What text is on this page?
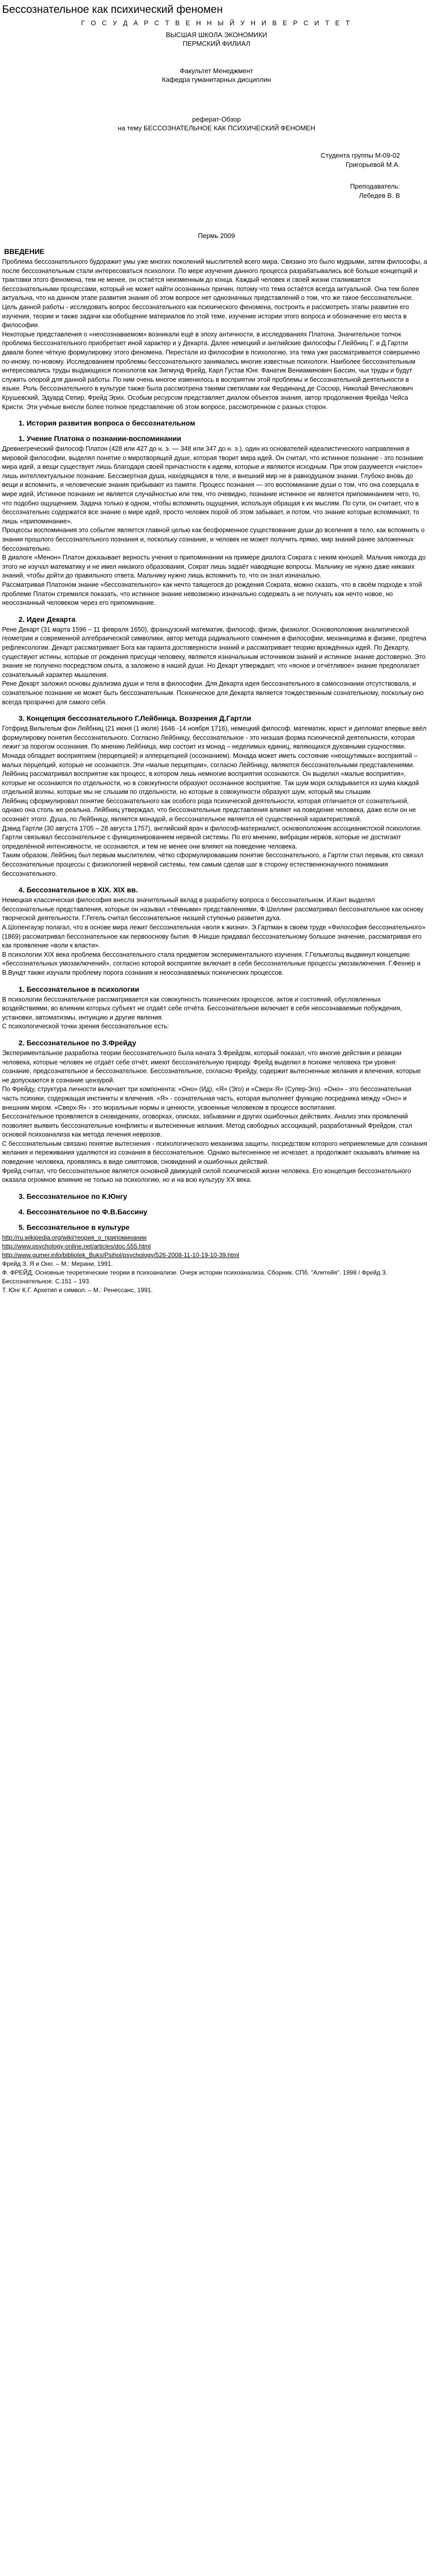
Бессознательное как психический феномен
Г О С У Д А Р С Т В Е Н Н Ы Й У Н И В Е Р С И Т Е Т
ВЫСШАЯ ШКОЛА ЭКОНОМИКИ
ПЕРМСКИЙ ФИЛИАЛ
Факультет Менеджмент
Кафедра гуманитарных дисциплин
реферат-Обзор
на тему БЕССОЗНАТЕЛЬНОЕ КАК ПСИХИЧЕСКИЙ ФЕНОМЕН
Студента группы М-09-02
Григорьевой М.А.
Преподаватель:
Лебедев В. В
Пермь 2009
ВВЕДЕНИЕ

Проблема бессознательного будоражит умы уже многих поколений мыслителей всего мира. Связано это было мудрыми, затем философы, а после бессознательным стали интересоваться психологи. По мере изучения данного процесса разрабатывались всё больше концепций и трактовки этого феномена, тем не менее, он остаётся неизменным до конца. Каждый человек и своей жизни сталкивается бессознательными процессами, который не может найти осознанных причин, потому что тема остаётся всегда актуальной. Она тем более актуальна, что на данном этапе развития знания об этом вопросе нет однозначных представлений о том, что же такое бессознательное.

Цель данной работы - исследовать вопрос бессознательного как психического феномена, построить и рассмотреть этапы развития его изучения, теории и также задачи как обобщение материалов по этой теме, изучение истории этого вопроса и обозначение его места в философии.

Некоторые представления о «неосознаваемом» возникали ещё в эпоху античности, в исследованиях Платона. Значительное толчок проблема бессознательного приобретает иной характер и у Декарта. Далее немецкий и английские философы Г.Лейбниц Г. и Д.Гартли давали более чёткую формулировку этого феномена. Перестали из философии в психологию, эта тема уже рассматривается совершенно по-иному, по-новому. Исследованием проблемы бессознательного занимались многие известные психологи. Наиболее бессознательным интересовались труды выдающихся психологов как Зигмунд Фрейд, Карл Густав Юнг. Фанатик Вениаминович Бассин, чьи труды и будут служить опорой для данной работы. По ним очень многое изменилось в восприятии этой проблемы и бессознательной деятельности в языке. Роль бессознательного в культуре также была рассмотрена такими светилами как Фердинанд де Соссюр, Николай Вячеславович Крушевский, Эдуард Сепир, Фрейд Эрих. Особым ресурсом представляет диалом объектов знания, автор продолжения Фрейда Чейса Кристи. Эти учёные внесли более полное представление об этом вопросе, рассмотренном с разных сторон.

1. История развития вопроса о бессознательном
1. Учение Платона о познании-воспоминании

Древнегреческий философ Платон (428 или 427 до н. э. — 348 или 347 до н. э.), один из основателей идеалистического направления в мировой философии, выделял понятие о миротворящей душе, которая творит мира идей. Он считал, что истинное познание - это познание мира идей, а вещи существует лишь благодаря своей причастности к идеям, которые и являются исходным. При этом разумеется «чистое» лишь интеллектуальное познание. Бессмертная душа, находящаяся в теле, и внешний мир не в равнодушном знании. Глубоко вновь до вещи и вспомнить, и человеческие знания прибывают из памяти. Процесс познания — это воспоминание души о том, что она созерцала в мире идей, Истинное познание не является случайностью или тем, что очевидно, познание истинное не является припоминанием чего, то, что подобно ощущением. Задача только в одном, чтобы вспомнить ощущения, используя обращая к их мыслям. По сути, он считает, что в бессознательно содержатся все знание о мире идей, просто человек порой об этом забывает, и потом, что знание которые вспоминают, то лишь «припоминание».

Процессы воспоминания это событие является главной целью как бесформенное существование души до вселения в тело, как вспомнить о знании прошлого бессознательного познания и, поскольку сознание, и человек не может получить прямо, мир знаний ранее заложенных бессознательно.

В диалоге «Менон» Платон доказывает верность учения о припоминании на примере диалога Сократа с неким юношей. Мальчик никогда до этого не изучал математику и не имел никакого образования, Сократ лишь задаёт наводящие вопросы. Мальчику не нужно даже никаких знаний, чтобы дойти до правильного ответа. Мальчику нужно лишь вспомнить то, что он знал изначально.

Рассматривая Платоном знание «бессознательного» как нечто таящегося до рождения Сократа, можно сказать, что в своём подходе к этой проблеме Платон стремился показать, что истинное знание невозможно изначально содержать а не получать как нечто новое, но неосознанный человеком через его припоминание.

2. Идеи Декарта

Рене Декарт (31 марта 1596 – 11 февраля 1650), французский математик, философ, физик, физиолог. Основоположник аналитической геометрии и современной алгебраической символики, автор метода радикального сомнения в философии, механицизма в физике, предтеча рефлексологии. Декарт рассматривает Бога как гаранта достоверности знаний и рассматривает теорию врождённых идей. По Декарту, существуют истины, которые от рождения присущи человеку, являются изначальным источником знаний и истинное знание достоверно. Это знание не получено посредством опыта, а заложено в нашей душе. Но Декарт утверждает, что «ясное и отчётливое» знание предполагает сознательный характер мышления.

Рене Декарт заложил основы дуализма души и тела в философии. Для Декарта идея бессознательного в самосознании отсутствовала, и сознательное познание не может быть бессознательным. Психическое для Декарта является тождественным сознательному, поскольку оно всегда прозрачно для самого себя.

3. Концепция бессознательного Г.Лейбница. Воззрения Д.Гартли

Готфрид Вильгельм фон Лейбниц (21 июня (1 июля) 1646 -14 ноября 1716), немецкий философ, математик, юрист и дипломат впервые ввёл формулировку понятия бессознательного. Согласно Лейбницу, бессознательное - это низшая форма психической деятельности, которая лежит за порогом осознания. По мнению Лейбница, мир состоит из монад – неделимых единиц, являющихся духовными сущностями. Монада обладает восприятием (перцепцией) и апперцепцией (осознанием). Монада может иметь состояние «неощутимых» восприятий – малых перцепций, которые не осознаются. Эти «малые перцепции», согласно Лейбницу, являются бессознательными представлениями.

Лейбниц рассматривал восприятие как процесс, в котором лишь немногие восприятия осознаются. Он выделил «малые восприятия», которые не осознаются по отдельности, но в совокупности образуют осознанное восприятие. Так шум моря складывается из шума каждой отдельной волны, которые мы не слышим по отдельности, но которые в совокупности образуют шум, который мы слышим.

Лейбниц сформулировал понятие бессознательного как особого рода психической деятельности, которая отличается от сознательной, однако она столь же реальна. Лейбниц утверждал, что бессознательные представления влияют на поведение человека, даже если он не осознаёт этого. Душа, по Лейбницу, является монадой, и бессознательное является её существенной характеристикой.

Дэвид Гартли (30 августа 1705 – 28 августа 1757), английский врач и философ-материалист, основоположник ассоцианистской психологии. Гартли связывал бессознательное с функционированием нервной системы. По его мнению, вибрации нервов, которые не достигают определённой интенсивности, не осознаются, и тем не менее они влияют на поведение человека.

Таким образом, Лейбниц был первым мыслителем, чётко сформулировавшим понятие бессознательного, а Гартли стал первым, кто связал бессознательные процессы с физиологией нервной системы, тем самым сделав шаг в сторону естественнонаучного понимания бессознательного.

4. Бессознательное в XIX. XIX вв.

Немецкая классическая философия внесла значительный вклад в разработку вопроса о бессознательном. И.Кант выделял бессознательные представления, которые он называл «тёмными» представлениями. Ф.Шеллинг рассматривал бессознательное как основу творческой деятельности. Г.Гегель считал бессознательное низшей ступенью развития духа.

А.Шопенгауэр полагал, что в основе мира лежит бессознательная «воля к жизни». Э.Гартман в своём труде «Философия бессознательного» (1869) рассматривал бессознательное как первооснову бытия. Ф.Ницше придавал бессознательному большое значение, рассматривая его как проявление «воли к власти».

В психологии XIX века проблема бессознательного стала предметом экспериментального изучения. Г.Гельмгольц выдвинул концепцию «бессознательных умозаключений», согласно которой восприятие включает в себя бессознательные процессы умозаключения. Г.Фехнер и В.Вундт также изучали проблему порога сознания и неосознаваемых психических процессов.

1. Бессознательное в психологии

В психологии бессознательное рассматривается как совокупность психических процессов, актов и состояний, обусловленных воздействиями, во влиянии которых субъект не отдаёт себе отчёта. Бессознательное включает в себя неосознаваемые побуждения, установки, автоматизмы, интуицию и другие явления.

С психологической точки зрения бессознательное есть:

2. Бессознательное по З.Фрейду

Экспериментальное разработка теории бессознательного была начата З.Фрейдом, который показал, что многие действия и реакции человека, которые человек не отдаёт себе отчёт, имеют бессознательную природу. Фрейд выделил в психике человека три уровня: сознание, предсознательное и бессознательное. Бессознательное, согласно Фрейду, содержит вытесненные желания и влечения, которые не допускаются в сознание цензурой.

По Фрейду, структура личности включает три компонента: «Оно» (Ид), «Я» (Эго) и «Сверх-Я» (Супер-Эго). «Оно» - это бессознательная часть психики, содержащая инстинкты и влечения. «Я» - сознательная часть, которая выполняет функцию посредника между «Оно» и внешним миром. «Сверх-Я» - это моральные нормы и ценности, усвоенные человеком в процессе воспитания.

Бессознательное проявляется в сновидениях, оговорках, описках, забывании и других ошибочных действиях. Анализ этих проявлений позволяет выявить бессознательные конфликты и вытесненные желания. Метод свободных ассоциаций, разработанный Фрейдом, стал основой психоанализа как метода лечения неврозов.

С бессознательным связано понятие вытеснения - психологического механизма защиты, посредством которого неприемлемые для сознания желания и переживания удаляются из сознания в бессознательное. Однако вытесненное не исчезает, а продолжает оказывать влияние на поведение человека, проявляясь в виде симптомов, сновидений и ошибочных действий.

Фрейд считал, что бессознательное является основной движущей силой психической жизни человека. Его концепция бессознательного оказала огромное влияние не только на психологию, но и на всю культуру XX века.

3. Бессознательное по К.Юнгу
4. Бессознательное по Ф.В.Бассину
5. Бессознательное в культуре
http://ru.wikipedia.org/wiki/теория_о_припоминании
http://www.psychology-online.net/articles/doc-555.html
http://www.gumer.info/bibliotek_Buks/Psihol/psychology/526-2008-11-10-19-10-39.html
Фрейд З. Я и Оно. – М.: Мерани, 1991.
Ф. ФРЕЙД, Основные теоретические теории в психоанализе. Очерк истории психоанализа. Сборник. СПб. "Алетейя". 1998 / Фрейд З. Бессознательное. С.151 – 193.
Т. Юнг К.Г. Архетип и символ. – М.: Ренессанс, 1991.
